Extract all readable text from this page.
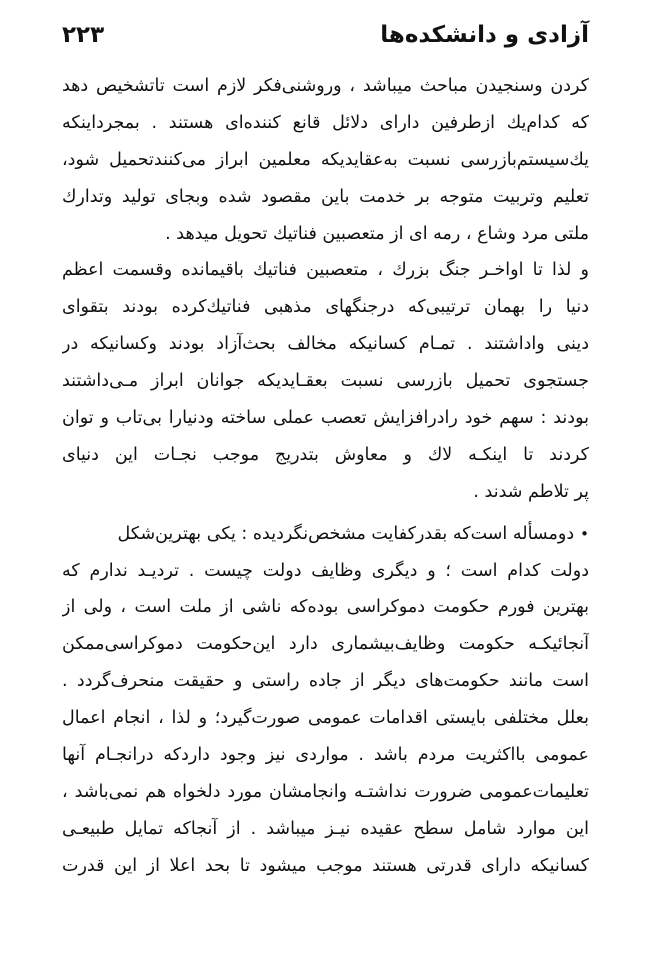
آزادی و دانشکده‌ها
۲۲۳
کردن وسنجیدن مباحث میباشد ، وروشنی‌فکر لازم است تاتشخیص دهد
که کدام‌یك ازطرفین دارای دلائل قانع کننده‌ای هستند . بمجرداینکه
یك‌سیستم‌بازرسی نسبت به‌عقایدیکه معلمین ابراز می‌کنندتحمیل شود،
تعلیم وتربیت متوجه بر خدمت باین مقصود شده وبجای تولید وتدارك
ملتی مرد وشاع ، رمه ای از متعصبین فناتیك تحویل میدهد .
و لذا تا اواخـر جنگ بزرك ، متعصبین فناتیك باقیمانده وقسمت اعظم
دنیا را بهمان ترتیبی‌که درجنگهای مذهبی فناتیك‌کرده بودند بتقوای
دینی واداشتند . تمـام کسانیکه مخالف بحث‌آزاد بودند وکسانیکه در
جستجوی تحمیل بازرسی نسبت بعقـایدیکه جوانان ابراز مـی‌داشتند
بودند : سهم خود رادرافزایش تعصب عملی ساخته ودنیارا بی‌تاب و توان
کردند تا اینکـه لاك و معاوش بتدریج موجب نجـات این دنیای
پر تلاطم شدند .
•دومسأله است‌که بقدرکفایت مشخص‌نگردیده : یکی بهترین‌شکل
دولت کدام است ؛ و دیگری وظایف دولت چیست . تردیـد ندارم که
بهترین فورم حکومت دموکراسی بوده‌که ناشی از ملت است ، ولی از
آنجائیکـه حکومت وظایف‌بیشماری دارد این‌حکومت دموکراسی‌ممکن
است مانند حکومت‌های دیگر از جاده راستی و حقیقت منحرف‌گردد .
بعلل مختلفی بایستی اقدامات عمومی صورت‌گیرد‌؛ و لذا ، انجام اعمال
عمومی بااکثریت مردم باشد . مواردی نیز وجود داردکه درانجـام آنها
تعلیمات‌عمومی ضرورت نداشتـه وانجامشان مورد دلخواه هم نمی‌باشد ،
این موارد شامل سطح عقیده نیـز میباشد . از آنجاکه تمایل طبیعـی
کسانیکه دارای قدرتی هستند موجب میشود تا بحد اعلا از این قدرت
